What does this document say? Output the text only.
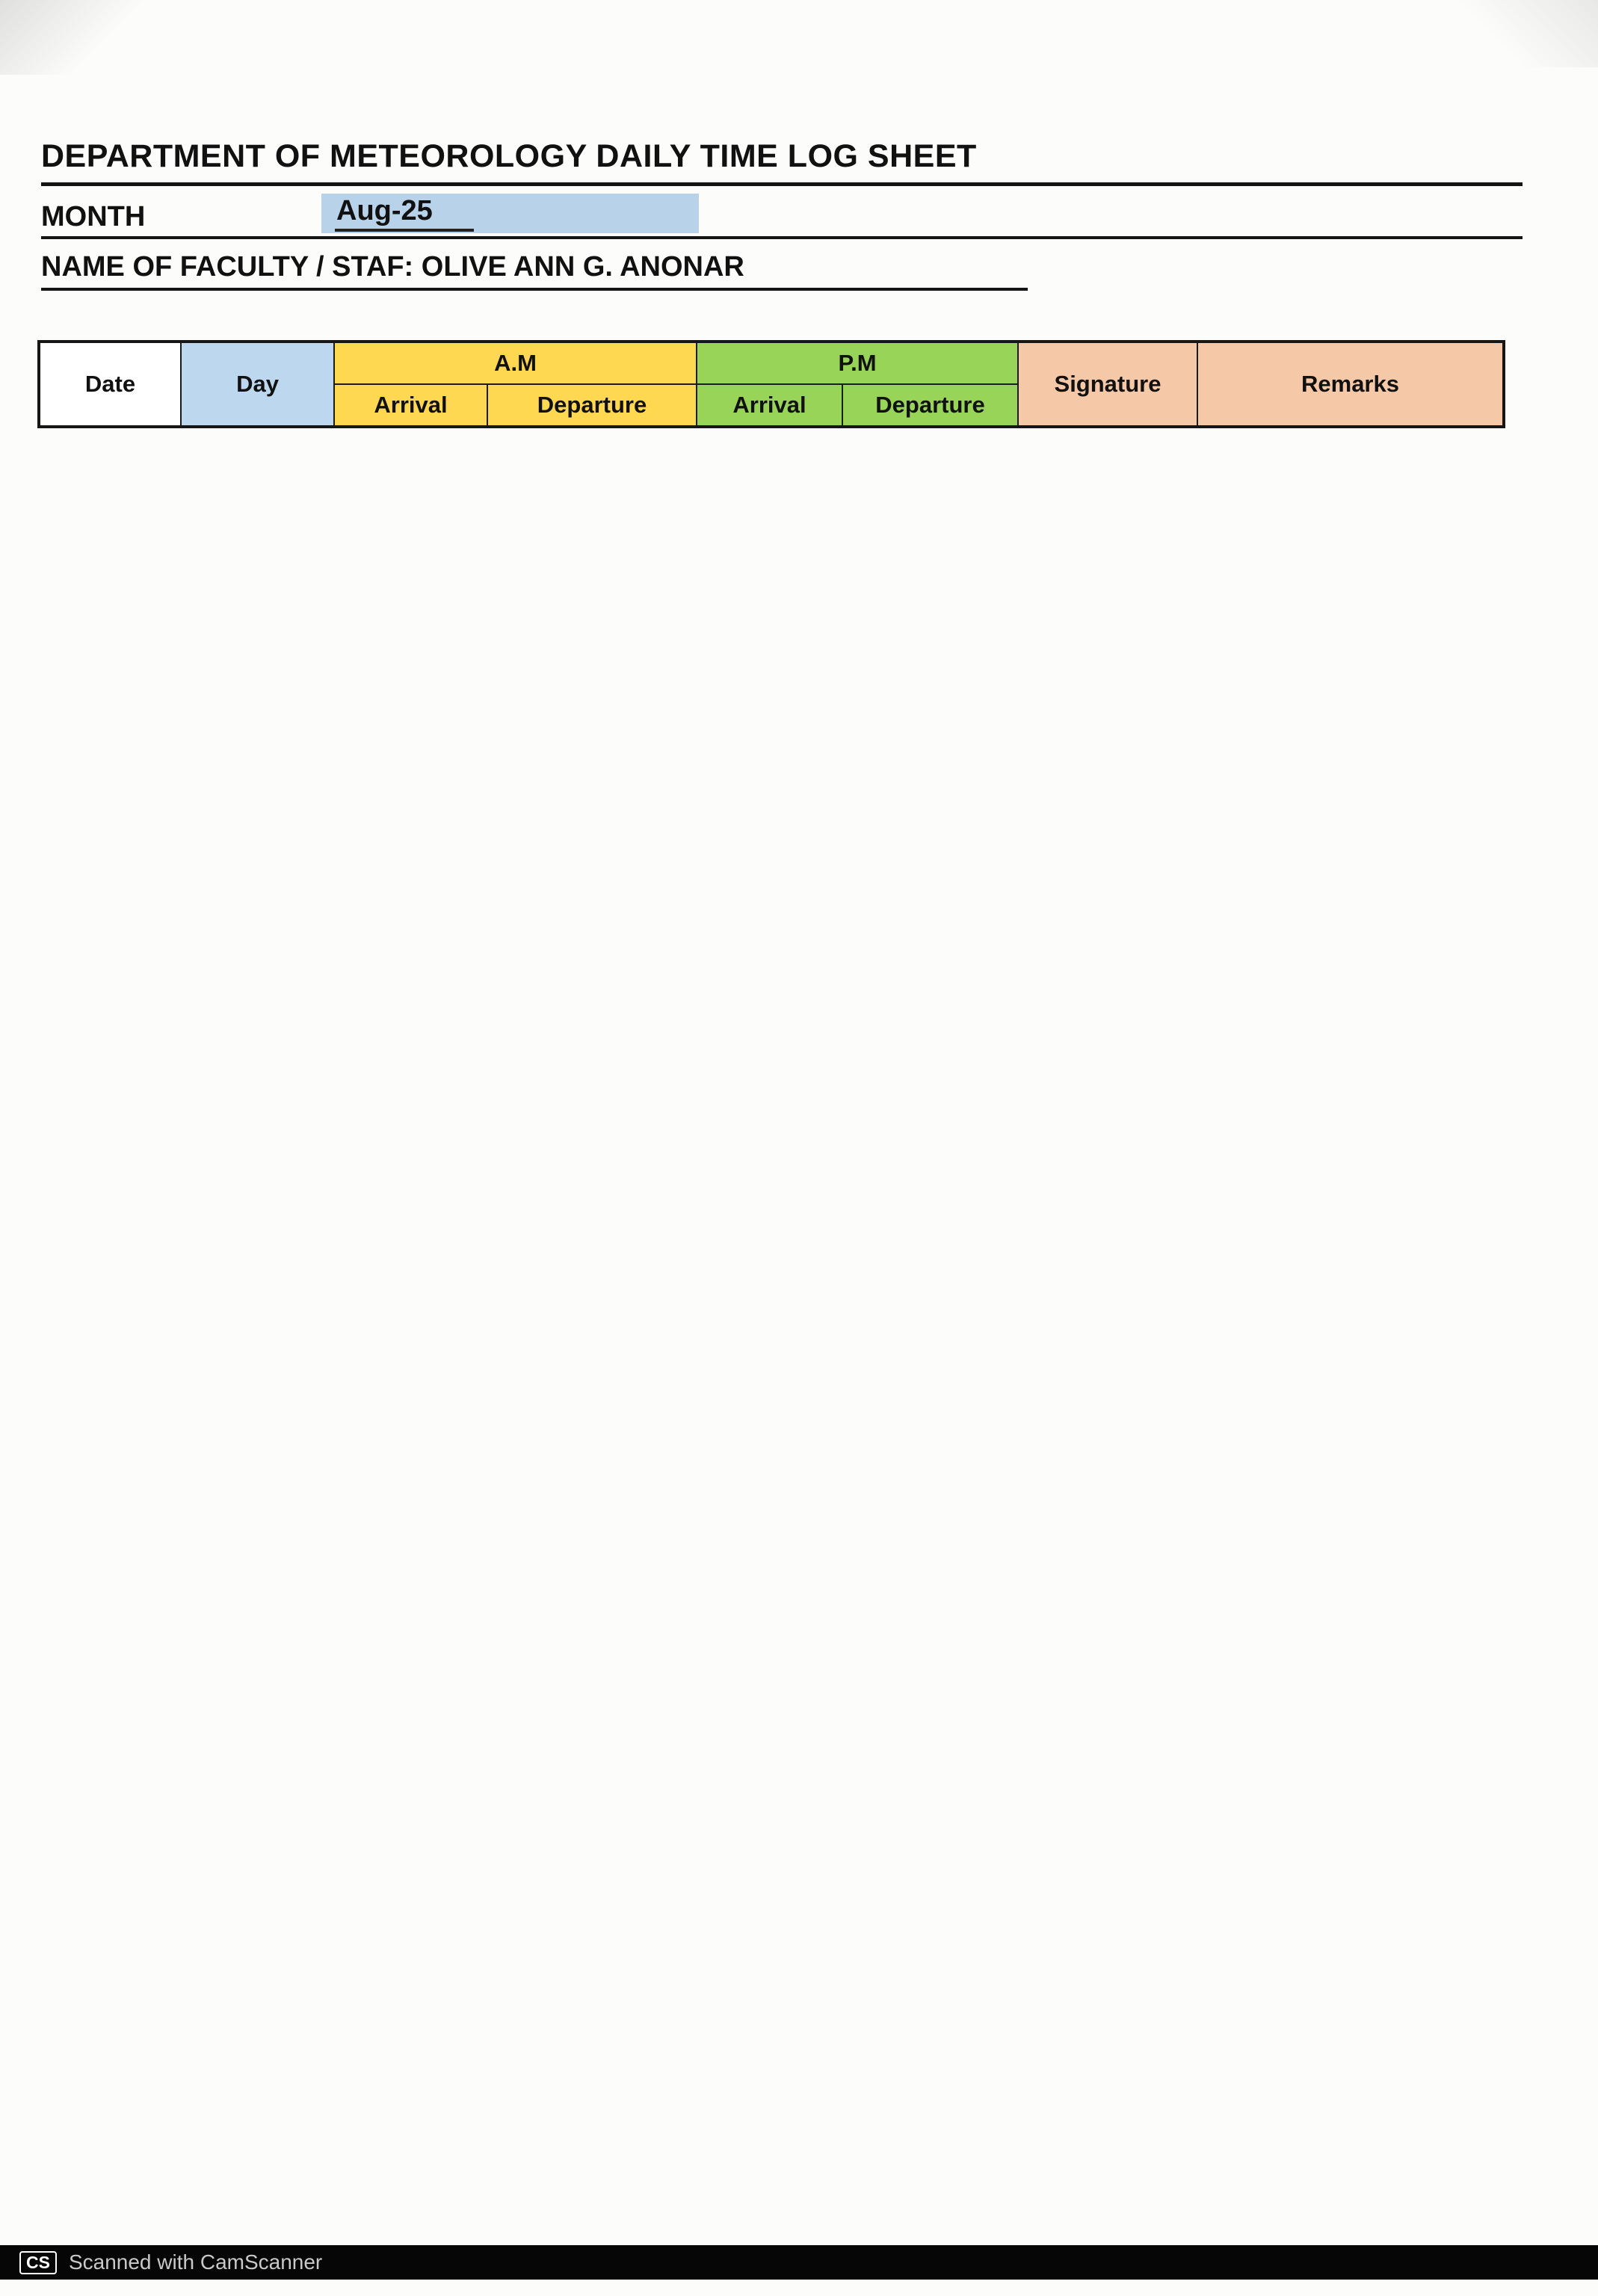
DEPARTMENT OF METEOROLOGY DAILY TIME LOG SHEET
MONTH	Aug-25
NAME OF FACULTY / STAF: OLIVE ANN G. ANONAR
Date	Day	A.M		P.M		Signature	Remarks
		Arrival	Departure	Arrival	Departure		
CS Scanned with CamScanner
